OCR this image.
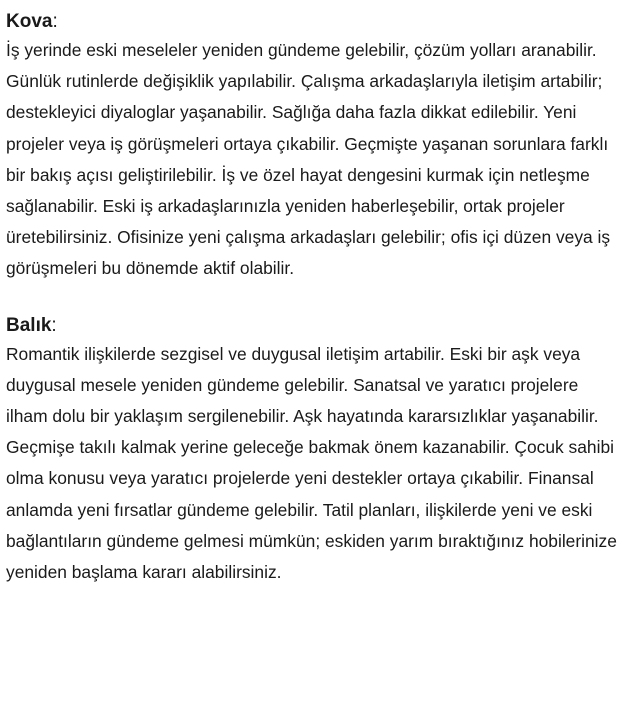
Kova:

İş yerinde eski meseleler yeniden gündeme gelebilir, çözüm yolları aranabilir. Günlük rutinlerde değişiklik yapılabilir. Çalışma arkadaşlarıyla iletişim artabilir; destekleyici diyaloglar yaşanabilir. Sağlığa daha fazla dikkat edilebilir. Yeni projeler veya iş görüşmeleri ortaya çıkabilir. Geçmişte yaşanan sorunlara farklı bir bakış açısı geliştirilebilir. İş ve özel hayat dengesini kurmak için netleşme sağlanabilir. Eski iş arkadaşlarınızla yeniden haberleşebilir, ortak projeler üretebilirsiniz. Ofisinize yeni çalışma arkadaşları gelebilir; ofis içi düzen veya iş görüşmeleri bu dönemde aktif olabilir.

Balık:

Romantik ilişkilerde sezgisel ve duygusal iletişim artabilir. Eski bir aşk veya duygusal mesele yeniden gündeme gelebilir. Sanatsal ve yaratıcı projelere ilham dolu bir yaklaşım sergilenebilir. Aşk hayatında kararsızlıklar yaşanabilir. Geçmişe takılı kalmak yerine geleceğe bakmak önem kazanabilir. Çocuk sahibi olma konusu veya yaratıcı projelerde yeni destekler ortaya çıkabilir. Finansal anlamda yeni fırsatlar gündeme gelebilir. Tatil planları, ilişkilerde yeni ve eski bağlantıların gündeme gelmesi mümkün; eskiden yarım bıraktığınız hobilerinize yeniden başlama kararı alabilirsiniz.
